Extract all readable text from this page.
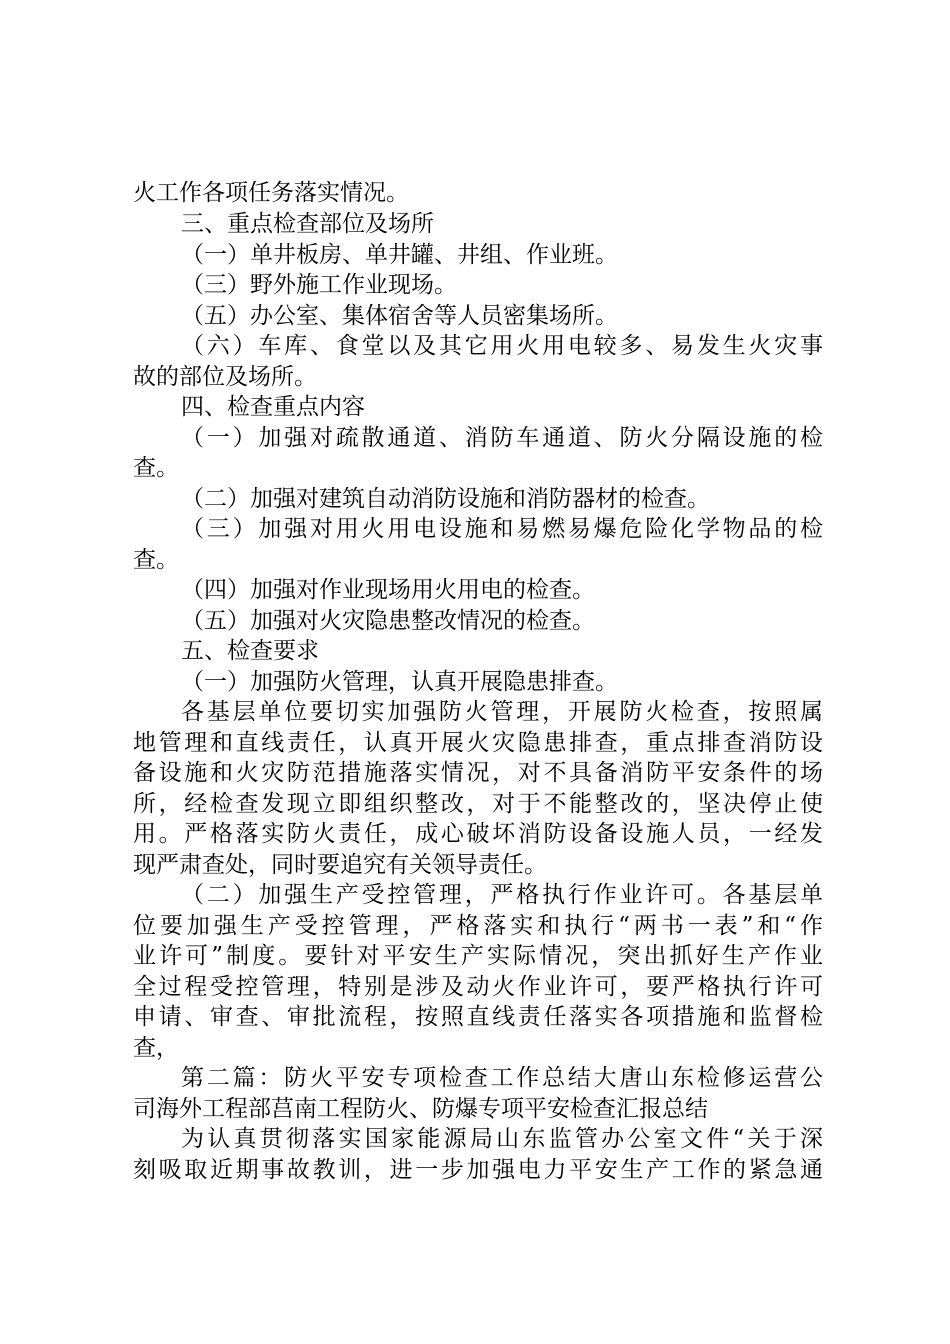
火工作各项任务落实情况。
三、重点检查部位及场所
（一）单井板房、单井罐、井组、作业班。
（三）野外施工作业现场。
（五）办公室、集体宿舍等人员密集场所。
（六）车库、食堂以及其它用火用电较多、易发生火灾事
故的部位及场所。
四、检查重点内容
（一）加强对疏散通道、消防车通道、防火分隔设施的检
查。
（二）加强对建筑自动消防设施和消防器材的检查。
（三）加强对用火用电设施和易燃易爆危险化学物品的检
查。
（四）加强对作业现场用火用电的检查。
（五）加强对火灾隐患整改情况的检查。
五、检查要求
（一）加强防火管理，认真开展隐患排查。
各基层单位要切实加强防火管理，开展防火检查，按照属
地管理和直线责任，认真开展火灾隐患排查，重点排查消防设
备设施和火灾防范措施落实情况，对不具备消防平安条件的场
所，经检查发现立即组织整改，对于不能整改的，坚决停止使
用。严格落实防火责任，成心破坏消防设备设施人员，一经发
现严肃查处，同时要追究有关领导责任。
（二）加强生产受控管理，严格执行作业许可。各基层单
位要加强生产受控管理，严格落实和执行“两书一表”和“作
业许可”制度。要针对平安生产实际情况，突出抓好生产作业
全过程受控管理，特别是涉及动火作业许可，要严格执行许可
申请、审查、审批流程，按照直线责任落实各项措施和监督检
查，
第二篇：防火平安专项检查工作总结大唐山东检修运营公
司海外工程部莒南工程防火、防爆专项平安检查汇报总结
为认真贯彻落实国家能源局山东监管办公室文件“关于深
刻吸取近期事故教训，进一步加强电力平安生产工作的紧急通
